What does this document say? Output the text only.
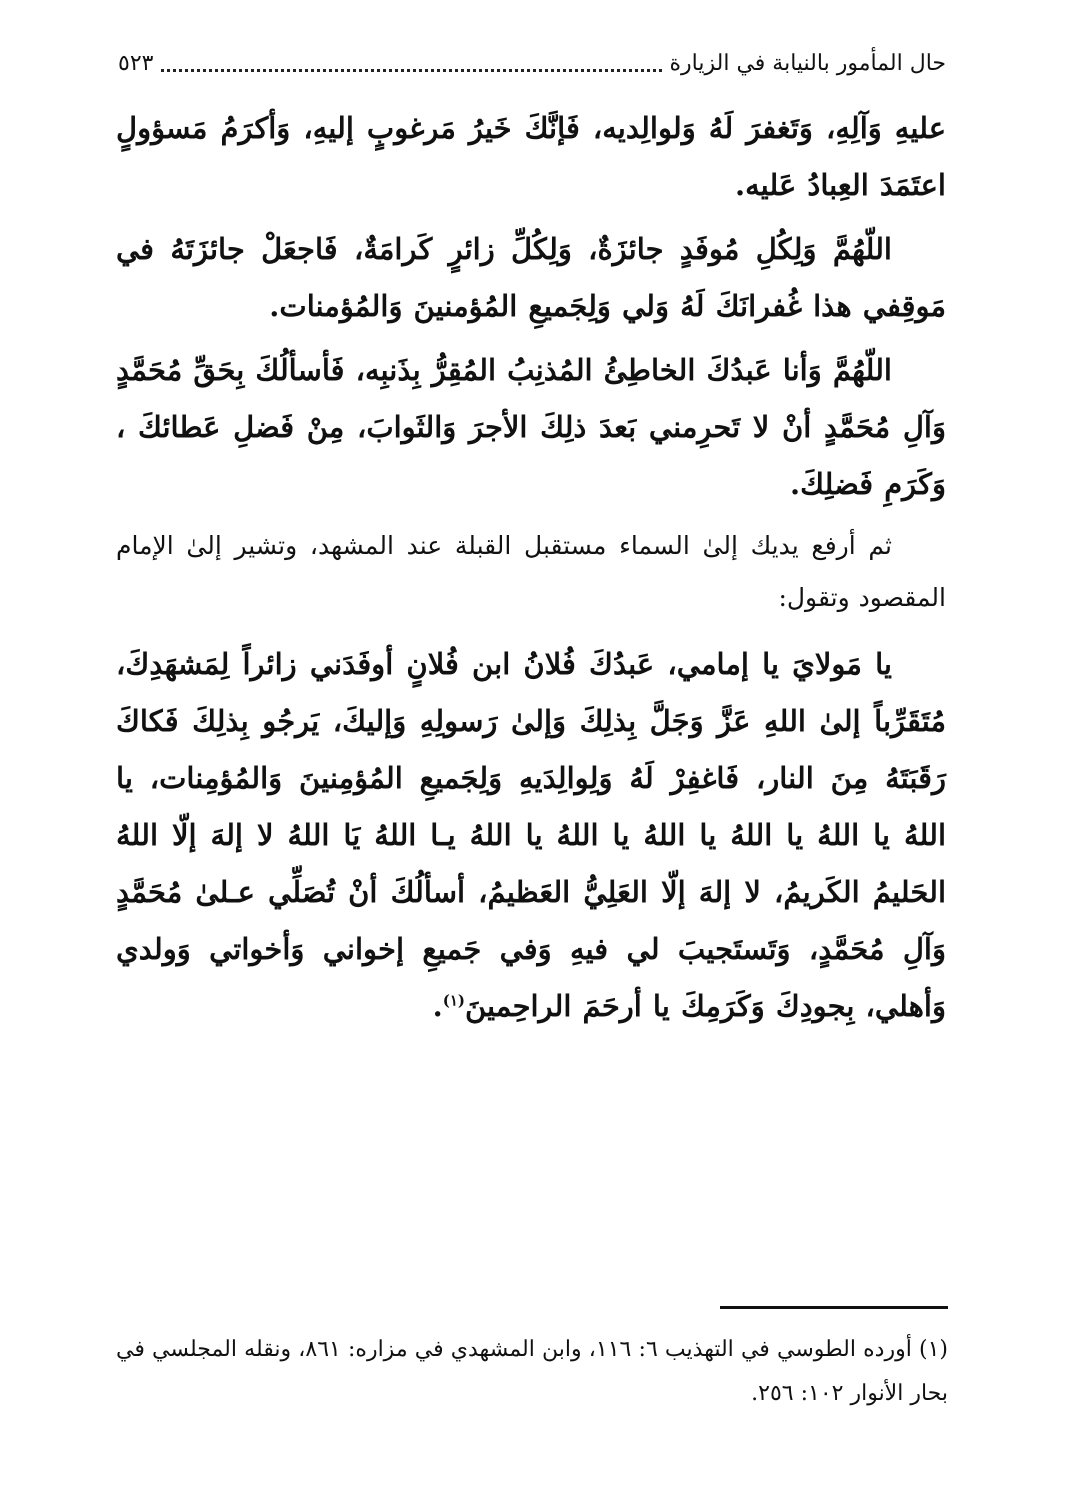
حال المأمور بالنيابة في الزيارة
٥٢٣

عليهِ وَآلِهِ، وَتَغفرَ لَهُ وَلوالِديه، فَإنَّكَ خَيرُ مَرغوبٍ إليهِ، وَأكرَمُ مَسؤولٍ اعتَمَدَ العِبادُ عَليه.

اللّهُمَّ وَلِكُلِ مُوفَدٍ جائزَةٌ، وَلِكُلِّ زائرٍ كَرامَةٌ، فَاجعَلْ جائزَتَهُ في مَوقِفي هذا غُفرانَكَ لَهُ وَلي وَلِجَميعِ المُؤمنينَ وَالمُؤمنات.

اللّهُمَّ وَأنا عَبدُكَ الخاطِئُ المُذنِبُ المُقِرُّ بِذَنبِه، فَأسألُكَ بِحَقِّ مُحَمَّدٍ وَآلِ مُحَمَّدٍ أنْ لا تَحرِمني بَعدَ ذلِكَ الأجرَ وَالثَوابَ، مِنْ فَضلِ عَطائكَ ، وَكَرَمِ فَضلِكَ.

ثم أرفع يديك إلىٰ السماء مستقبل القبلة عند المشهد، وتشير إلىٰ الإمام المقصود وتقول:

يا مَولايَ يا إمامي، عَبدُكَ فُلانُ ابن فُلانٍ أوفَدَني زائراً لِمَشهَدِكَ، مُتَقَرِّباً إلىٰ اللهِ عَزَّ وَجَلَّ بِذلِكَ وَإلىٰ رَسولِهِ وَإليكَ، يَرجُو بِذلِكَ فَكاكَ رَقَبَتَهُ مِنَ النار، فَاغفِرْ لَهُ وَلِوالِدَيهِ وَلِجَميعِ المُؤمِنينَ وَالمُؤمِنات، يا اللهُ يا اللهُ يا اللهُ يا اللهُ يا اللهُ يا اللهُ يـا اللهُ يَا اللهُ لا إلهَ إلّا اللهُ الحَليمُ الكَريمُ، لا إلهَ إلّا العَلِيُّ العَظيمُ، أسألُكَ أنْ تُصَلِّي عـلىٰ مُحَمَّدٍ وَآلِ مُحَمَّدٍ، وَتَستَجيبَ لي فيهِ وَفي جَميعِ إخواني وَأخواتي وَولدي وَأهلي، بِجودِكَ وَكَرَمِكَ يا أرحَمَ الراحِمينَ$^{(١)}$.

(١) أورده الطوسي في التهذيب ٦: ١١٦، وابن المشهدي في مزاره: ٨٦١، ونقله المجلسي في بحار الأنوار ١٠٢: ٢٥٦.
